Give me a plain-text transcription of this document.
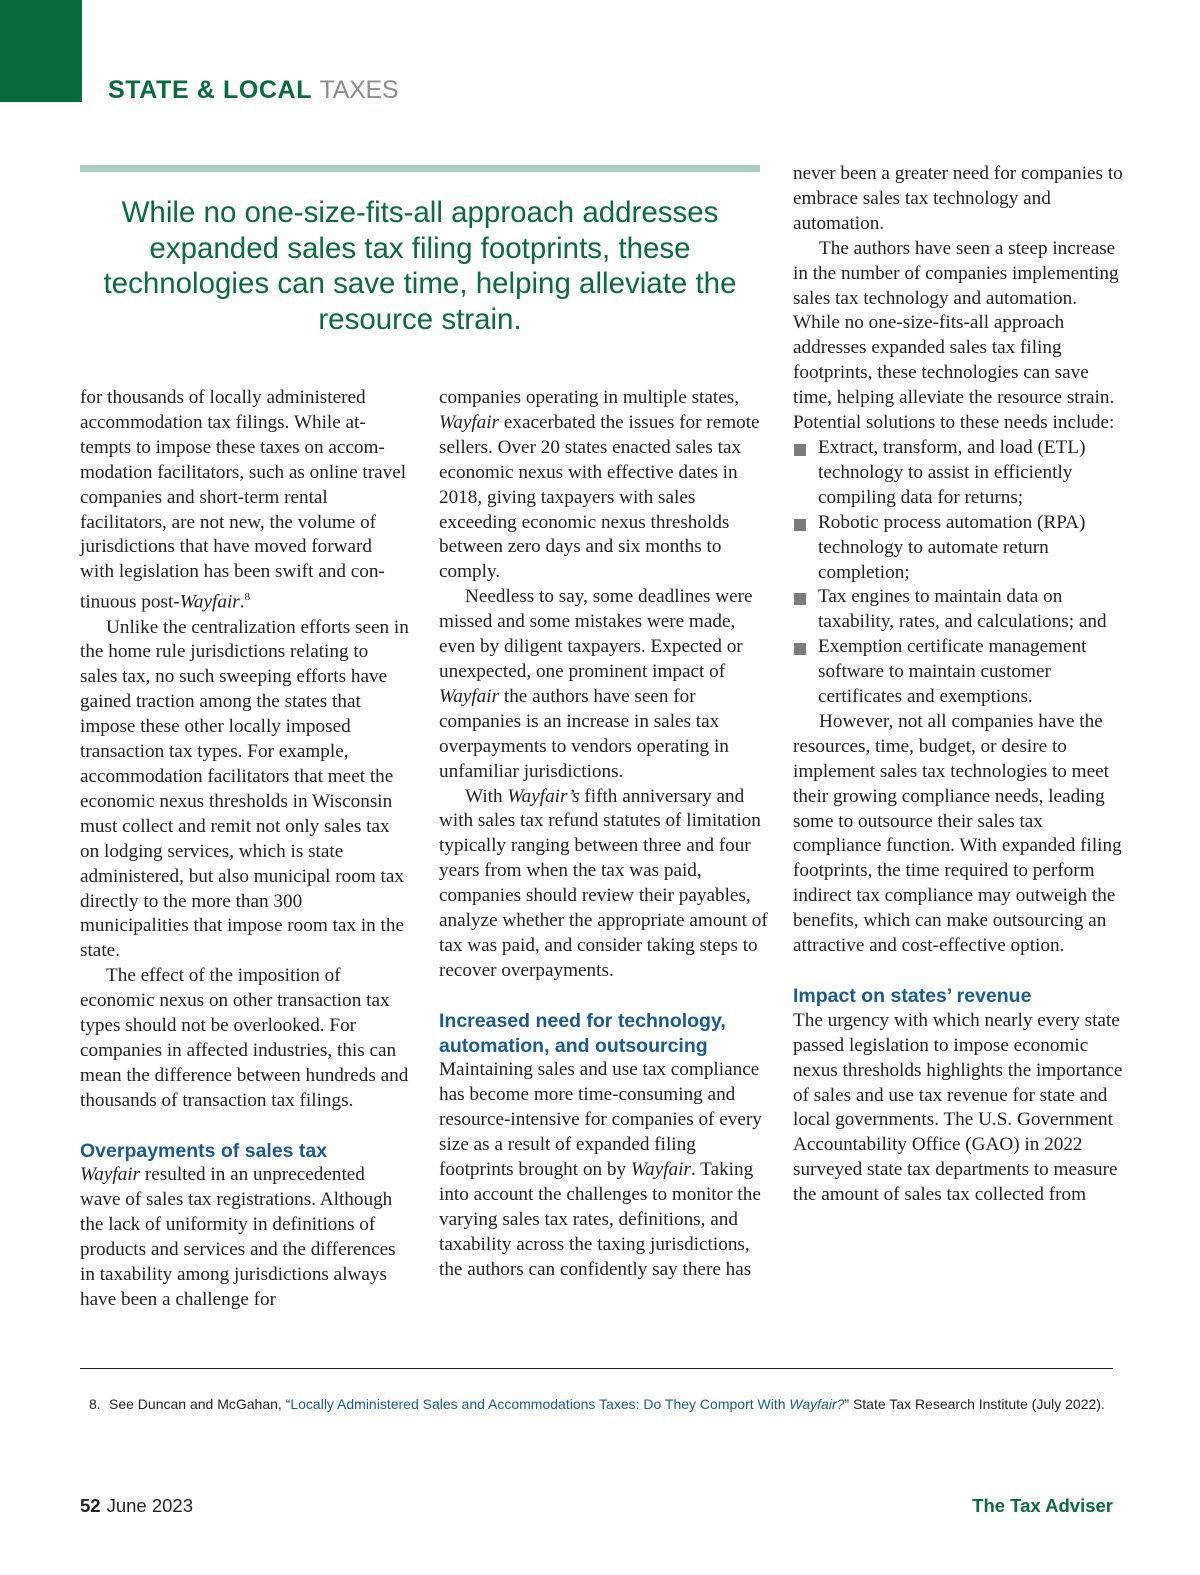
STATE & LOCAL TAXES
While no one-size-fits-all approach addresses expanded sales tax filing footprints, these technologies can save time, helping alleviate the resource strain.

for thousands of locally administered accommodation tax filings. While attempts to impose these taxes on accommodation facilitators, such as online travel companies and short-term rental facilitators, are not new, the volume of jurisdictions that have moved forward with legislation has been swift and continuous post-Wayfair.$^8$

Unlike the centralization efforts seen in the home rule jurisdictions relating to sales tax, no such sweeping efforts have gained traction among the states that impose these other locally imposed transaction tax types. For example, accommodation facilitators that meet the economic nexus thresholds in Wisconsin must collect and remit not only sales tax on lodging services, which is state administered, but also municipal room tax directly to the more than 300 municipalities that impose room tax in the state.

The effect of the imposition of economic nexus on other transaction tax types should not be overlooked. For companies in affected industries, this can mean the difference between hundreds and thousands of transaction tax filings.

Overpayments of sales tax

Wayfair resulted in an unprecedented wave of sales tax registrations. Although the lack of uniformity in definitions of products and services and the differences in taxability among jurisdictions always have been a challenge for

companies operating in multiple states, Wayfair exacerbated the issues for remote sellers. Over 20 states enacted sales tax economic nexus with effective dates in 2018, giving taxpayers with sales exceeding economic nexus thresholds between zero days and six months to comply.

Needless to say, some deadlines were missed and some mistakes were made, even by diligent taxpayers. Expected or unexpected, one prominent impact of Wayfair the authors have seen for companies is an increase in sales tax overpayments to vendors operating in unfamiliar jurisdictions.

With Wayfair’s fifth anniversary and with sales tax refund statutes of limitation typically ranging between three and four years from when the tax was paid, companies should review their payables, analyze whether the appropriate amount of tax was paid, and consider taking steps to recover overpayments.

Increased need for technology, automation, and outsourcing

Maintaining sales and use tax compliance has become more time-consuming and resource-intensive for companies of every size as a result of expanded filing footprints brought on by Wayfair. Taking into account the challenges to monitor the varying sales tax rates, definitions, and taxability across the taxing jurisdictions, the authors can confidently say there has

never been a greater need for companies to embrace sales tax technology and automation.

The authors have seen a steep increase in the number of companies implementing sales tax technology and automation. While no one-size-fits-all approach addresses expanded sales tax filing footprints, these technologies can save time, helping alleviate the resource strain. Potential solutions to these needs include:

Extract, transform, and load (ETL) technology to assist in efficiently compiling data for returns;
Robotic process automation (RPA) technology to automate return completion;
Tax engines to maintain data on taxability, rates, and calculations; and
Exemption certificate management software to maintain customer certificates and exemptions.

However, not all companies have the resources, time, budget, or desire to implement sales tax technologies to meet their growing compliance needs, leading some to outsource their sales tax compliance function. With expanded filing footprints, the time required to perform indirect tax compliance may outweigh the benefits, which can make outsourcing an attractive and cost-effective option.

Impact on states’ revenue

The urgency with which nearly every state passed legislation to impose economic nexus thresholds highlights the importance of sales and use tax revenue for state and local governments. The U.S. Government Accountability Office (GAO) in 2022 surveyed state tax departments to measure the amount of sales tax collected from

8. See Duncan and McGahan, “Locally Administered Sales and Accommodations Taxes: Do They Comport With Wayfair?” State Tax Research Institute (July 2022).
52 June 2023	The Tax Adviser
